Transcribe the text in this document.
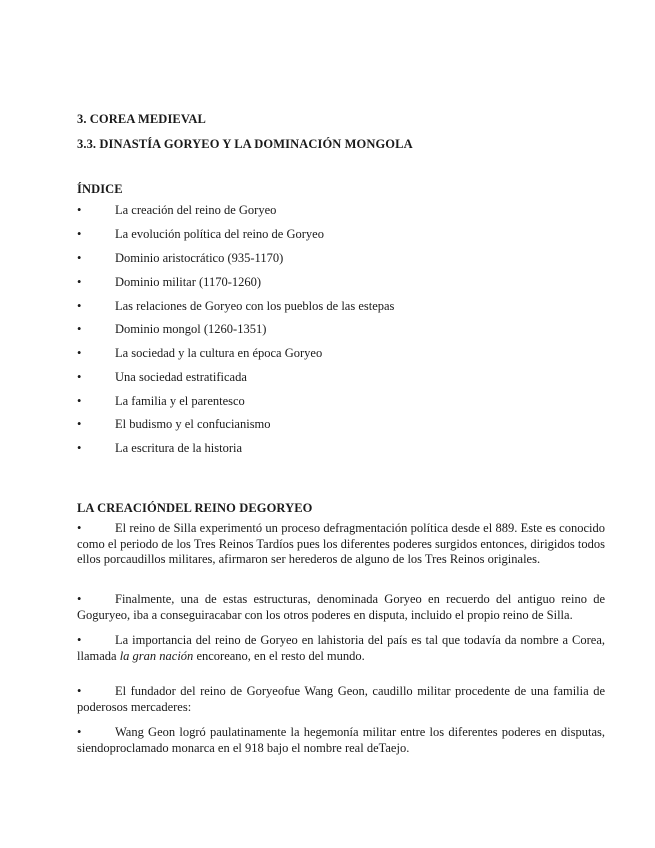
3. COREA MEDIEVAL
3.3. DINASTÍA GORYEO Y LA DOMINACIÓN MONGOLA
ÍNDICE
•	La creación del reino de Goryeo
•	La evolución política del reino de Goryeo
•	Dominio aristocrático (935-1170)
•	Dominio militar (1170-1260)
•	Las relaciones de Goryeo con los pueblos de las estepas
•	Dominio mongol (1260-1351)
•	La sociedad y la cultura en época Goryeo
•	Una sociedad estratificada
•	La familia y el parentesco
•	El budismo y el confucianismo
•	La escritura de la historia
LA CREACIÓNDEL REINO DEGORYEO
•	El reino de Silla experimentó un proceso defragmentación política desde el 889. Este es conocido como el periodo de los Tres Reinos Tardíos pues los diferentes poderes surgidos entonces, dirigidos todos ellos porcaudillos militares, afirmaron ser herederos de alguno de los Tres Reinos originales.
•	Finalmente, una de estas estructuras, denominada Goryeo en recuerdo del antiguo reino de Goguryeo, iba a conseguiracabar con los otros poderes en disputa, incluido el propio reino de Silla.
•	La importancia del reino de Goryeo en lahistoria del país es tal que todavía da nombre a Corea, llamada la gran nación encoreano, en el resto del mundo.
•	El fundador del reino de Goryeofue Wang Geon, caudillo militar procedente de una familia de poderosos mercaderes:
•	Wang Geon logró paulatinamente la hegemonía militar entre los diferentes poderes en disputas, siendoproclamado monarca en el 918 bajo el nombre real deTaejo.
